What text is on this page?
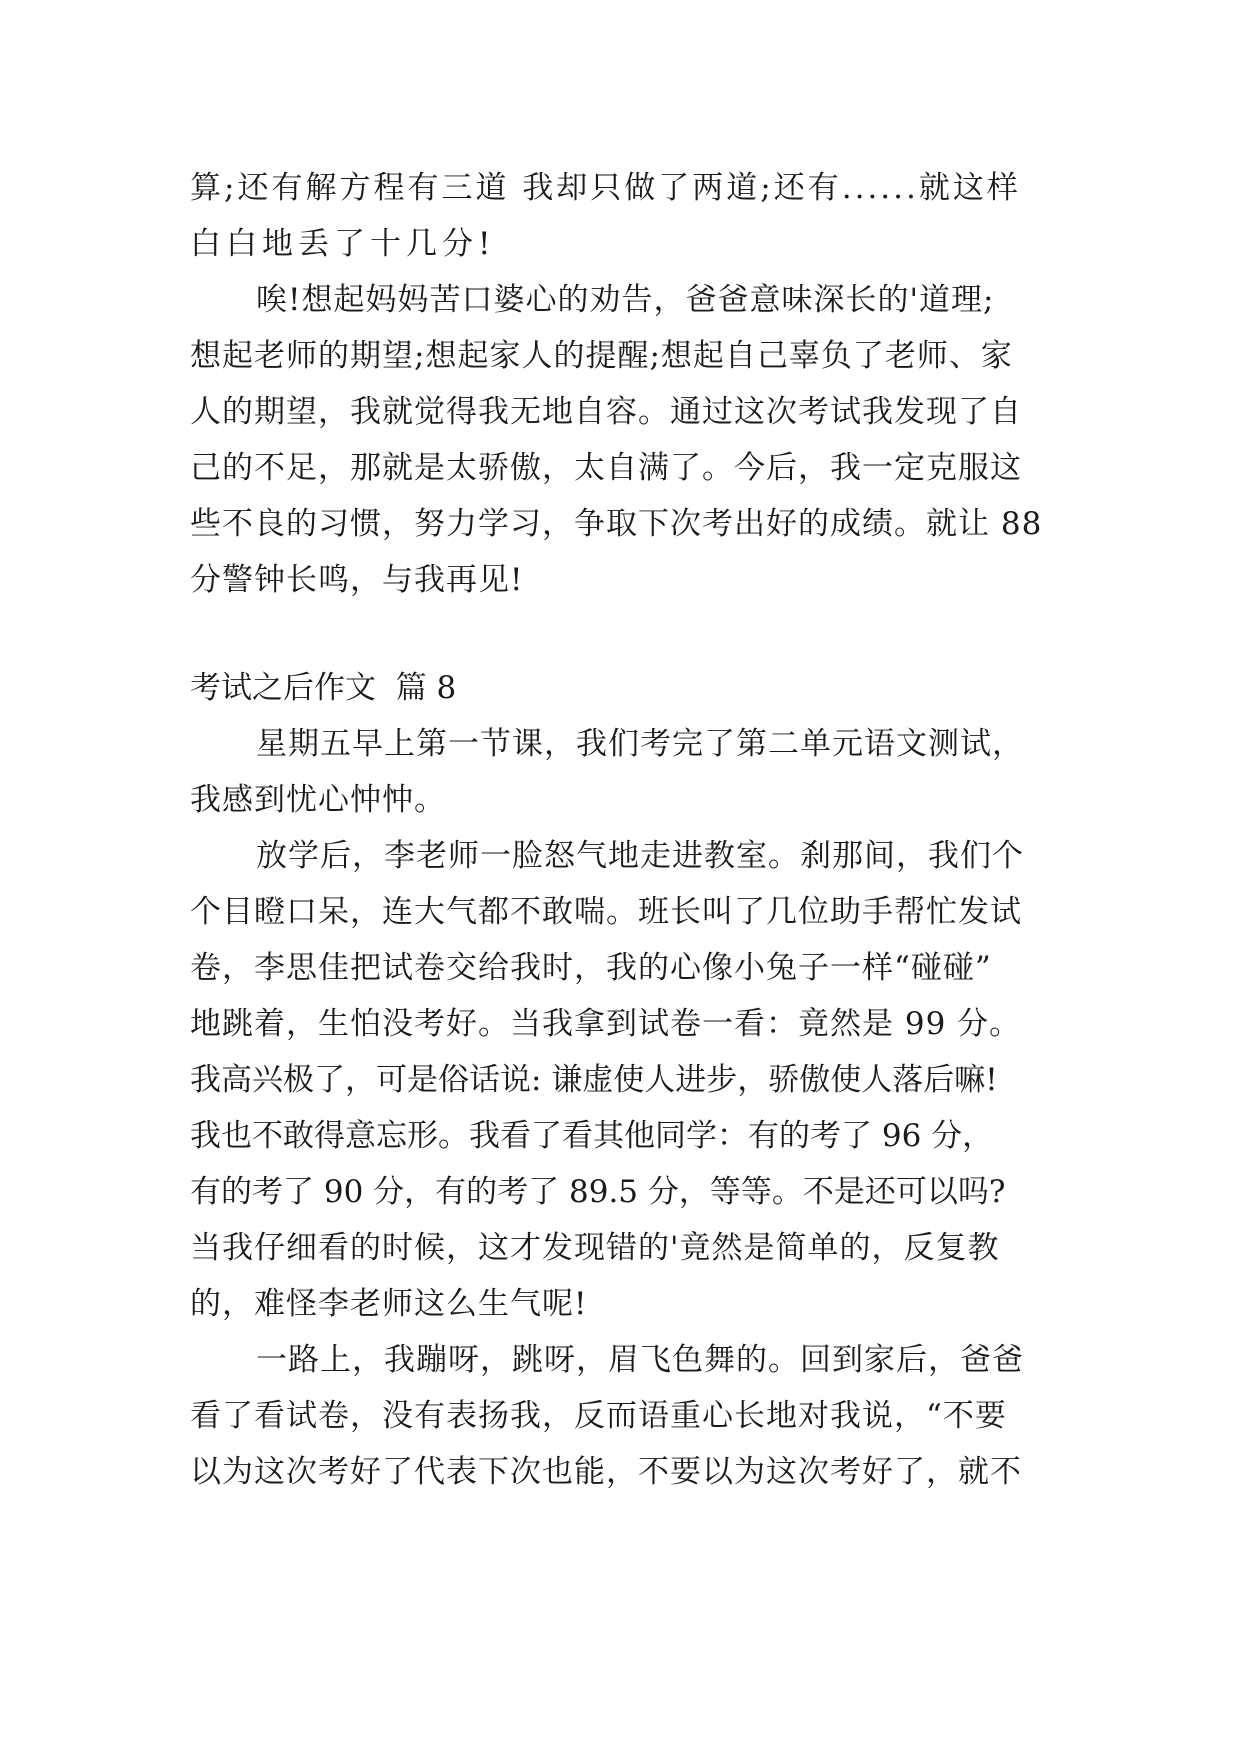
算;还有解方程有三道 我却只做了两道;还有......就这样

白白地丢了十几分!

唉!想起妈妈苦口婆心的劝告，爸爸意味深长的'道理;

想起老师的期望;想起家人的提醒;想起自己辜负了老师、家

人的期望，我就觉得我无地自容。通过这次考试我发现了自

己的不足，那就是太骄傲，太自满了。今后，我一定克服这

些不良的习惯，努力学习，争取下次考出好的成绩。就让 88

分警钟长鸣，与我再见!

考试之后作文  篇 8

星期五早上第一节课，我们考完了第二单元语文测试，

我感到忧心忡忡。

放学后，李老师一脸怒气地走进教室。刹那间，我们个

个目瞪口呆，连大气都不敢喘。班长叫了几位助手帮忙发试

卷，李思佳把试卷交给我时，我的心像小兔子一样“碰碰”

地跳着，生怕没考好。当我拿到试卷一看：竟然是 99 分。

我高兴极了，可是俗话说: 谦虚使人进步，骄傲使人落后嘛!

我也不敢得意忘形。我看了看其他同学：有的考了 96 分，

有的考了 90 分，有的考了 89.5 分，等等。不是还可以吗?

当我仔细看的时候，这才发现错的'竟然是简单的，反复教

的，难怪李老师这么生气呢!

一路上，我蹦呀，跳呀，眉飞色舞的。回到家后，爸爸

看了看试卷，没有表扬我，反而语重心长地对我说，“不要

以为这次考好了代表下次也能，不要以为这次考好了，就不
